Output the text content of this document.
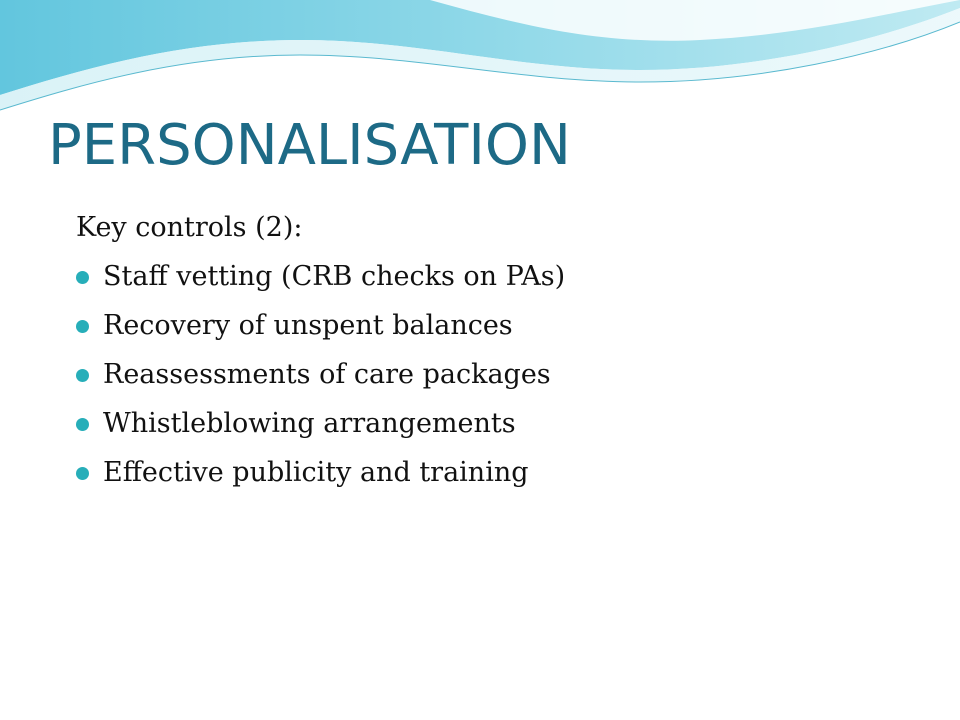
PERSONALISATION

Key controls (2):

Staff vetting (CRB checks on PAs)
Recovery of unspent balances
Reassessments of care packages
Whistleblowing arrangements
Effective publicity and training
